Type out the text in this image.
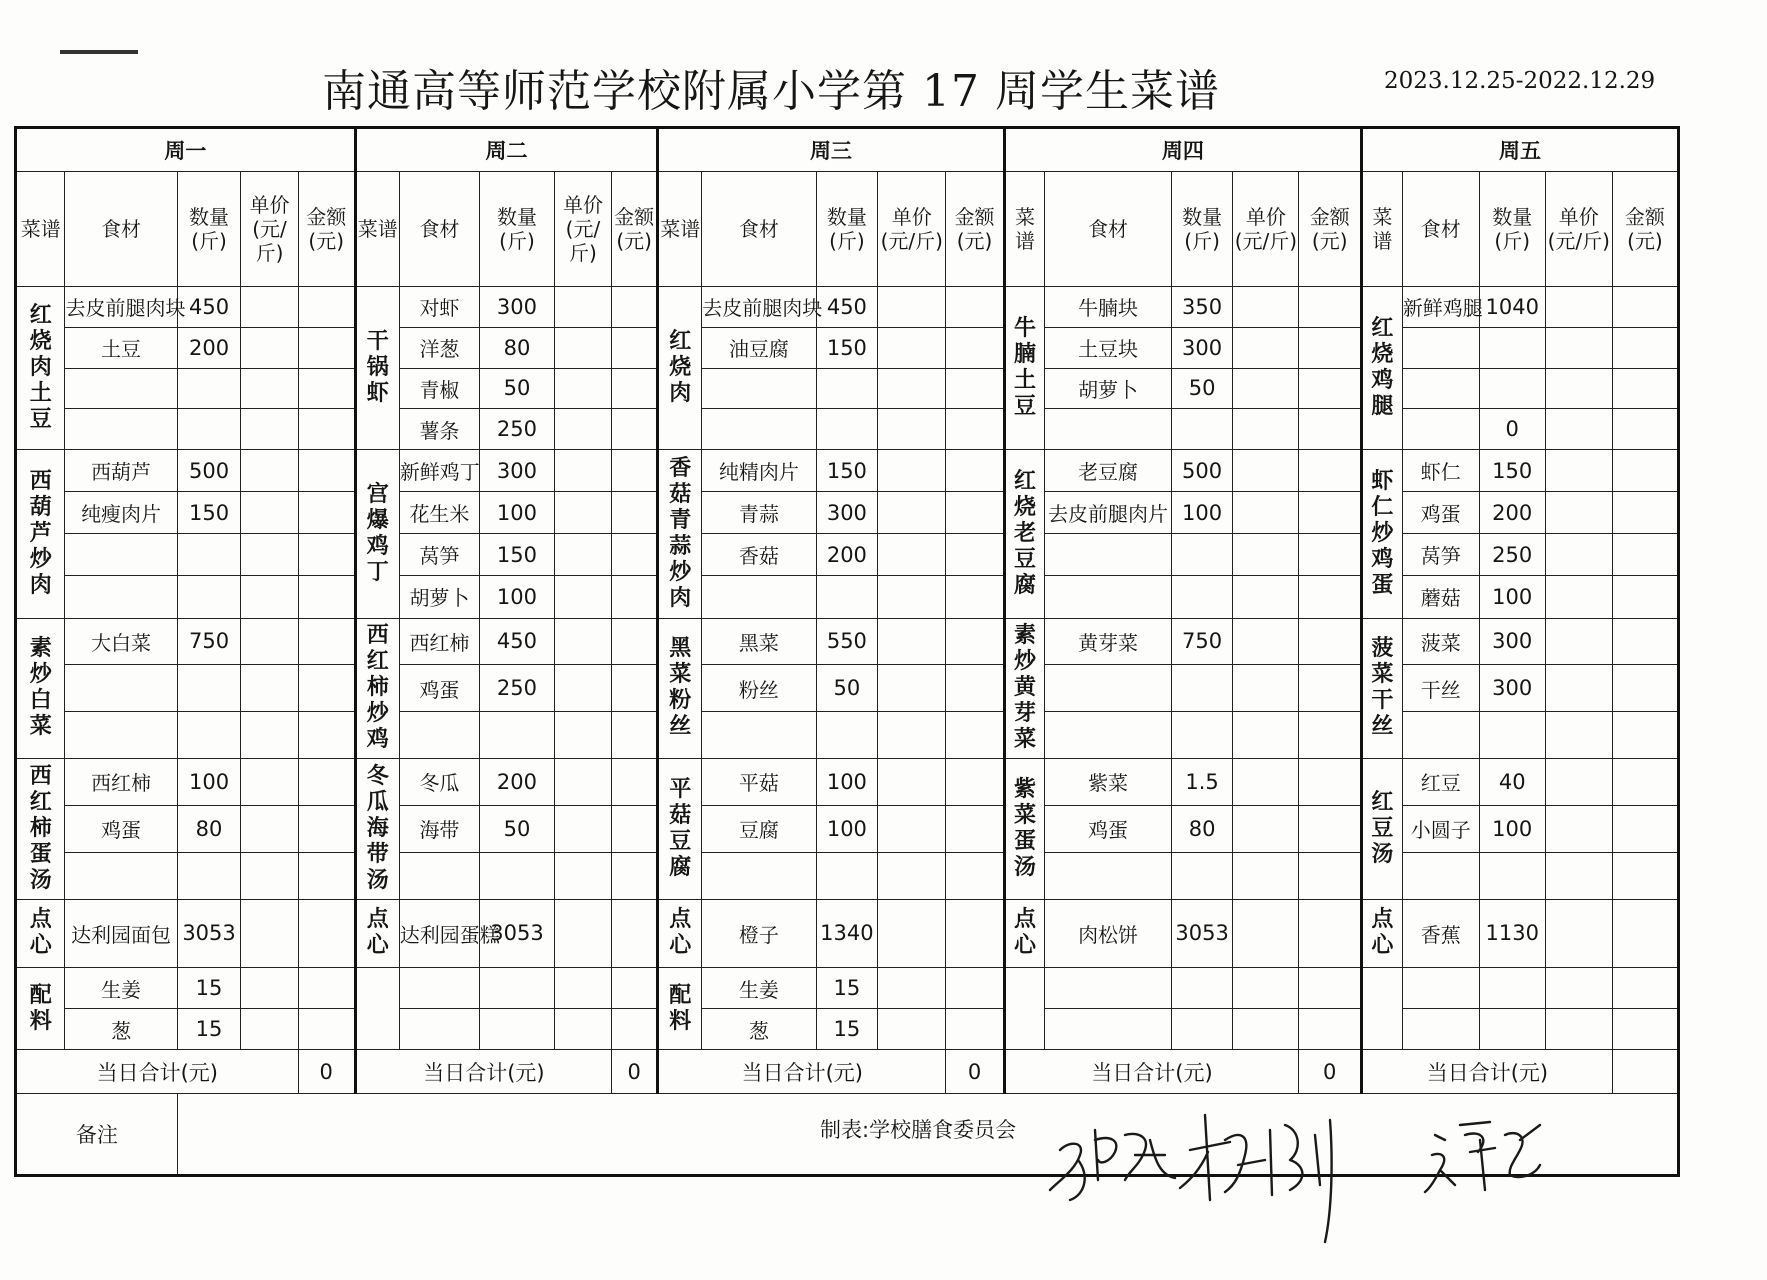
南通高等师范学校附属小学第 17 周学生菜谱	2023.12.25-2022.12.29
周一					周二					周三					周四					周五				
菜谱	食材	数量(斤)	单价(元/斤)	金额(元)	菜谱	食材	数量(斤)	单价(元/斤)	金额(元)	菜谱	食材	数量(斤)	单价(元/斤)	金额(元)	菜谱	食材	数量(斤)	单价(元/斤)	金额(元)	菜谱	食材	数量(斤)	单价(元/斤)	金额(元)

红烧肉土豆	去皮前腿肉块	450			干锅虾	对虾	300			红烧肉	去皮前腿肉块	450			牛腩土豆	牛腩块	350			红烧鸡腿	新鲜鸡腿	1040		
	土豆	200				洋葱	80				油豆腐	150				土豆块	300							
						青椒	50									胡萝卜	50							
						薯条	250															0		

西葫芦炒肉	西葫芦	500			宫爆鸡丁	新鲜鸡丁	300			香菇青蒜炒肉	纯精肉片	150			红烧老豆腐	老豆腐	500			虾仁炒鸡蛋	虾仁	150		
	纯瘦肉片	150				花生米	100				青蒜	300				去皮前腿肉片	100				鸡蛋	200		
						莴笋	150				香菇	200									莴笋	250		
						胡萝卜	100														蘑菇	100		

素炒白菜	大白菜	750			西红柿炒鸡	西红柿	450			黑菜粉丝	黑菜	550			素炒黄芽菜	黄芽菜	750			菠菜干丝	菠菜	300		
						鸡蛋	250				粉丝	50									干丝	300		

西红柿蛋汤	西红柿	100			冬瓜海带汤	冬瓜	200			平菇豆腐	平菇	100			紫菜蛋汤	紫菜	1.5			红豆汤	红豆	40		
	鸡蛋	80				海带	50				豆腐	100				鸡蛋	80				小圆子	100		

点心	达利园面包	3053			点心	达利园蛋糕	3053			点心	橙子	1340			点心	肉松饼	3053			点心	香蕉	1130		

配料	生姜	15								配料	生姜	15			

	葱	15									葱	15												
当日合计(元)				0	当日合计(元)				0	当日合计(元)				0	当日合计(元)				0	当日合计(元)				
备注																									制表:学校膳食委员会
